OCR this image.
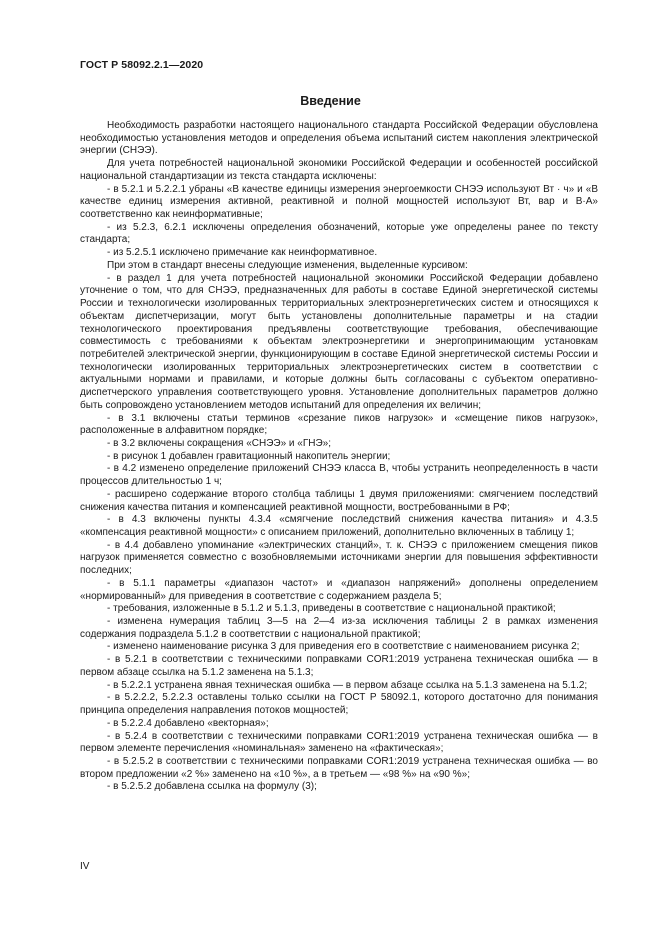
ГОСТ Р 58092.2.1—2020
Введение

Необходимость разработки настоящего национального стандарта Российской Федерации обусловлена необходимостью установления методов и определения объема испытаний систем накопления электрической энергии (СНЭЭ).

Для учета потребностей национальной экономики Российской Федерации и особенностей российской национальной стандартизации из текста стандарта исключены:

- в 5.2.1 и 5.2.2.1 убраны «В качестве единицы измерения энергоемкости СНЭЭ используют Вт · ч» и «В качестве единиц измерения активной, реактивной и полной мощностей используют Вт, вар и В·А» соответственно как неинформативные;

- из 5.2.3, 6.2.1 исключены определения обозначений, которые уже определены ранее по тексту стандарта;

- из 5.2.5.1 исключено примечание как неинформативное.

При этом в стандарт внесены следующие изменения, выделенные курсивом:

- в раздел 1 для учета потребностей национальной экономики Российской Федерации добавлено уточнение о том, что для СНЭЭ, предназначенных для работы в составе Единой энергетической системы России и технологически изолированных территориальных электроэнергетических систем и относящихся к объектам диспетчеризации, могут быть установлены дополнительные параметры и на стадии технологического проектирования предъявлены соответствующие требования, обеспечивающие совместимость с требованиями к объектам электроэнергетики и энергопринимающим установкам потребителей электрической энергии, функционирующим в составе Единой энергетической системы России и технологически изолированных территориальных электроэнергетических систем в соответствии с актуальными нормами и правилами, и которые должны быть согласованы с субъектом оперативно-диспетчерского управления соответствующего уровня. Установление дополнительных параметров должно быть сопровождено установлением методов испытаний для определения их величин;

- в 3.1 включены статьи терминов «срезание пиков нагрузок» и «смещение пиков нагрузок», расположенные в алфавитном порядке;

- в 3.2 включены сокращения «СНЭЭ» и «ГНЭ»;

- в рисунок 1 добавлен гравитационный накопитель энергии;

- в 4.2 изменено определение приложений СНЭЭ класса B, чтобы устранить неопределенность в части процессов длительностью 1 ч;

- расширено содержание второго столбца таблицы 1 двумя приложениями: смягчением последствий снижения качества питания и компенсацией реактивной мощности, востребованными в РФ;

- в 4.3 включены пункты 4.3.4 «смягчение последствий снижения качества питания» и 4.3.5 «компенсация реактивной мощности» с описанием приложений, дополнительно включенных в таблицу 1;

- в 4.4 добавлено упоминание «электрических станций», т. к. СНЭЭ с приложением смещения пиков нагрузок применяется совместно с возобновляемыми источниками энергии для повышения эффективности последних;

- в 5.1.1 параметры «диапазон частот» и «диапазон напряжений» дополнены определением «нормированный» для приведения в соответствие с содержанием раздела 5;

- требования, изложенные в 5.1.2 и 5.1.3, приведены в соответствие с национальной практикой;

- изменена нумерация таблиц 3—5 на 2—4 из-за исключения таблицы 2 в рамках изменения содержания подраздела 5.1.2 в соответствии с национальной практикой;

- изменено наименование рисунка 3 для приведения его в соответствие с наименованием рисунка 2;

- в 5.2.1 в соответствии с техническими поправками COR1:2019 устранена техническая ошибка — в первом абзаце ссылка на 5.1.2 заменена на 5.1.3;

- в 5.2.2.1 устранена явная техническая ошибка — в первом абзаце ссылка на 5.1.3 заменена на 5.1.2;

- в 5.2.2.2, 5.2.2.3 оставлены только ссылки на ГОСТ Р 58092.1, которого достаточно для понимания принципа определения направления потоков мощностей;

- в 5.2.2.4 добавлено «векторная»;

- в 5.2.4 в соответствии с техническими поправками COR1:2019 устранена техническая ошибка — в первом элементе перечисления «номинальная» заменено на «фактическая»;

- в 5.2.5.2 в соответствии с техническими поправками COR1:2019 устранена техническая ошибка — во втором предложении «2 %» заменено на «10 %», а в третьем — «98 %» на «90 %»;

- в 5.2.5.2 добавлена ссылка на формулу (3);

IV
